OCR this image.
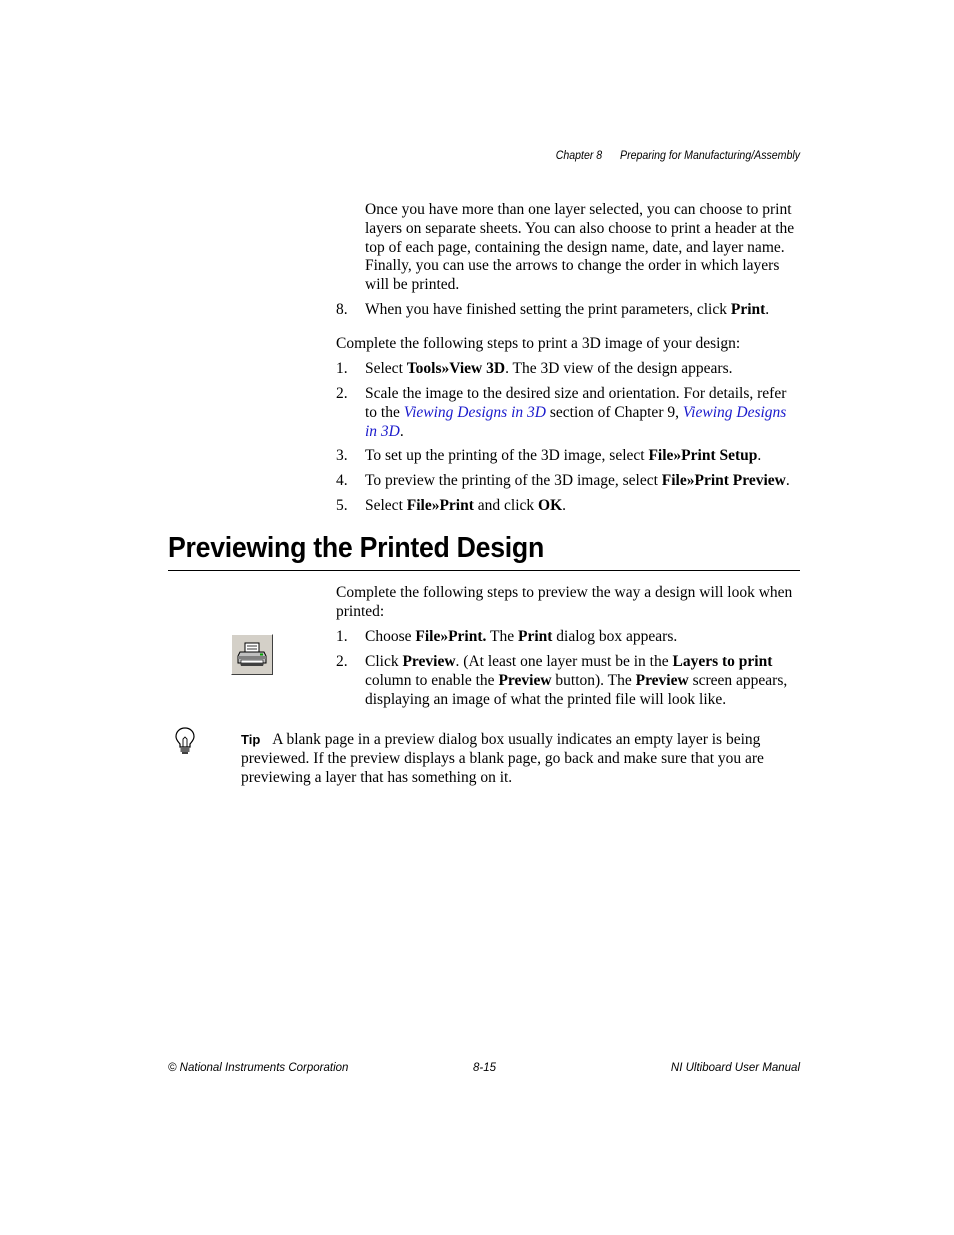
Chapter 8 Preparing for Manufacturing/Assembly
Once you have more than one layer selected, you can choose to print layers on separate sheets. You can also choose to print a header at the top of each page, containing the design name, date, and layer name. Finally, you can use the arrows to change the order in which layers will be printed.
8. When you have finished setting the print parameters, click Print.
Complete the following steps to print a 3D image of your design:
1. Select Tools»View 3D. The 3D view of the design appears.
2. Scale the image to the desired size and orientation. For details, refer to the Viewing Designs in 3D section of Chapter 9, Viewing Designs in 3D.
3. To set up the printing of the 3D image, select File»Print Setup.
4. To preview the printing of the 3D image, select File»Print Preview.
5. Select File»Print and click OK.
Previewing the Printed Design
Complete the following steps to preview the way a design will look when printed:
1. Choose File»Print. The Print dialog box appears.
2. Click Preview. (At least one layer must be in the Layers to print column to enable the Preview button). The Preview screen appears, displaying an image of what the printed file will look like.
Tip A blank page in a preview dialog box usually indicates an empty layer is being previewed. If the preview displays a blank page, go back and make sure that you are previewing a layer that has something on it.
© National Instruments Corporation	8-15	NI Ultiboard User Manual
